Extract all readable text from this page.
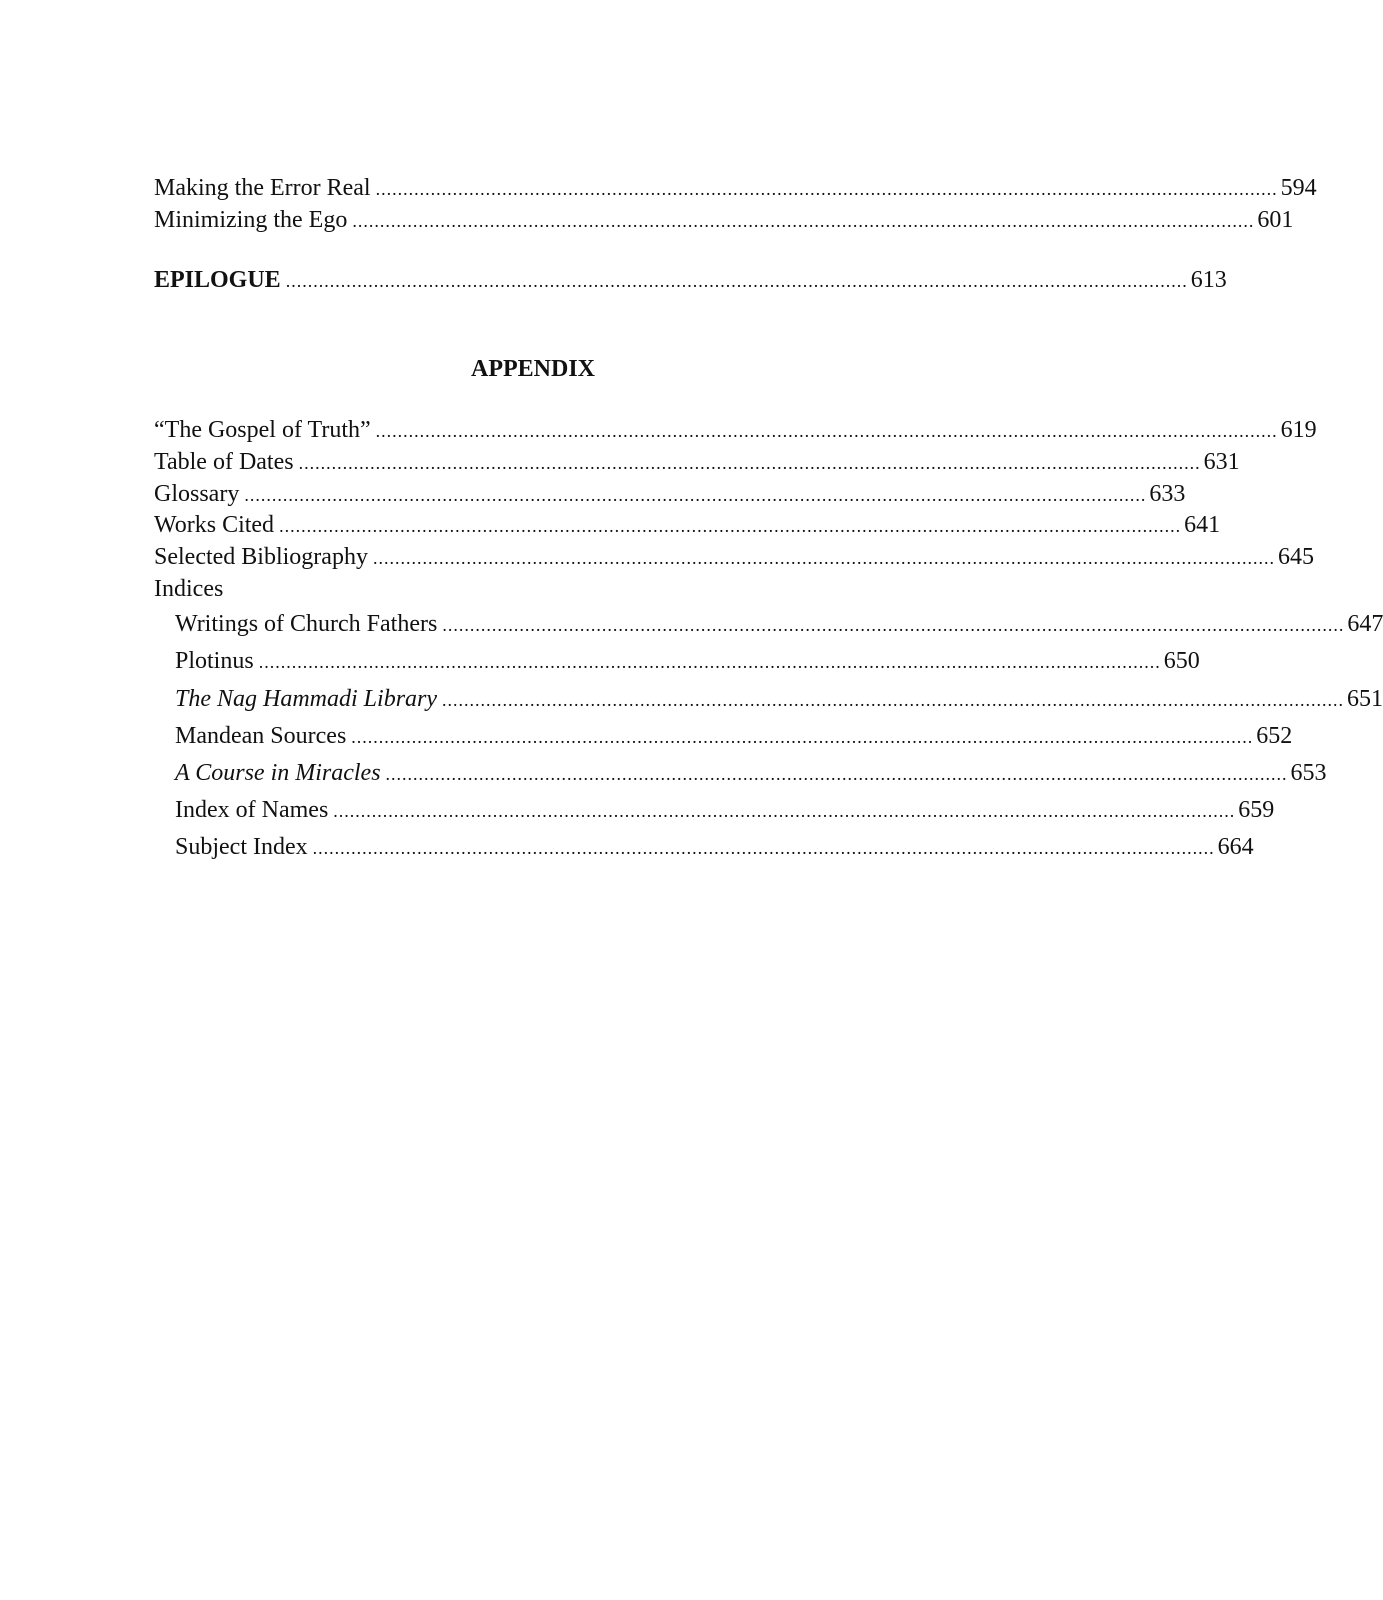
Making the Error Real .................................................................................................................................................................... 594
Minimizing the Ego .................................................................................................................................................................... 601
EPILOGUE .................................................................................................................................................................... 613
APPENDIX
“The Gospel of Truth” .................................................................................................................................................................... 619
Table of Dates .................................................................................................................................................................... 631
Glossary .................................................................................................................................................................... 633
Works Cited .................................................................................................................................................................... 641
Selected Bibliography .................................................................................................................................................................... 645
Indices
Writings of Church Fathers .................................................................................................................................................................... 647
Plotinus .................................................................................................................................................................... 650
The Nag Hammadi Library .................................................................................................................................................................... 651
Mandean Sources .................................................................................................................................................................... 652
A Course in Miracles .................................................................................................................................................................... 653
Index of Names .................................................................................................................................................................... 659
Subject Index .................................................................................................................................................................... 664
